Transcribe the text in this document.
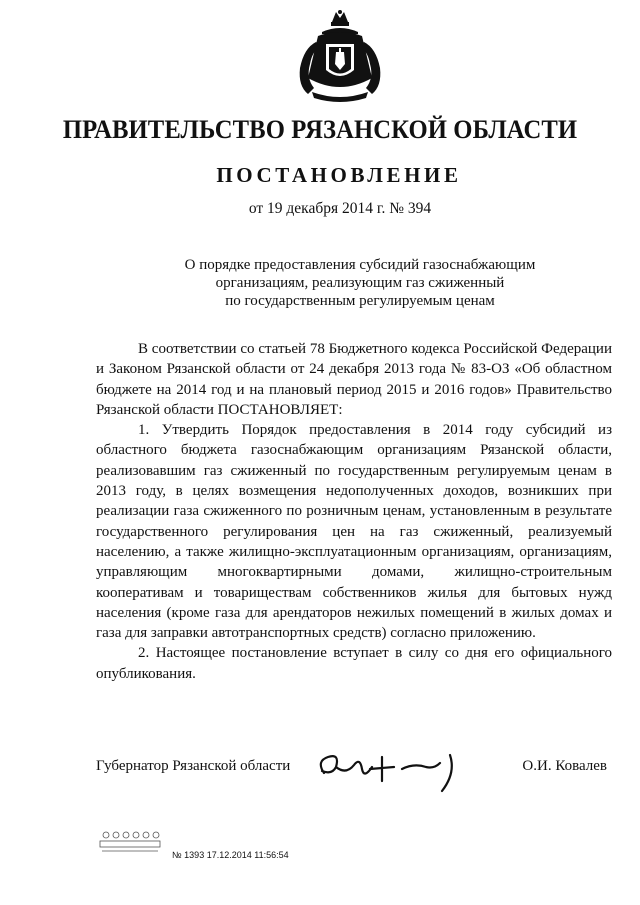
ПРАВИТЕЛЬСТВО РЯЗАНСКОЙ ОБЛАСТИ
ПОСТАНОВЛЕНИЕ
от 19 декабря 2014 г. № 394
О порядке предоставления субсидий газоснабжающим
организациям, реализующим газ сжиженный
по государственным регулируемым ценам

В соответствии со статьей 78 Бюджетного кодекса Российской Федерации и Законом Рязанской области от 24 декабря 2013 года № 83-ОЗ «Об областном бюджете на 2014 год и на плановый период 2015 и 2016 годов» Правительство Рязанской области ПОСТАНОВЛЯЕТ:

1. Утвердить Порядок предоставления в 2014 году субсидий из областного бюджета газоснабжающим организациям Рязанской области, реализовавшим газ сжиженный по государственным регулируемым ценам в 2013 году, в целях возмещения недополученных доходов, возникших при реализации газа сжиженного по розничным ценам, установленным в результате государственного регулирования цен на газ сжиженный, реализуемый населению, а также жилищно-эксплуатационным организациям, организациям, управляющим многоквартирными домами, жилищно-строительным кооперативам и товариществам собственников жилья для бытовых нужд населения (кроме газа для арендаторов нежилых помещений в жилых домах и газа для заправки автотранспортных средств) согласно приложению.

2. Настоящее постановление вступает в силу со дня его официального опубликования.

Губернатор Рязанской области	О.И. Ковалев
№ 1393 17.12.2014 11:56:54
